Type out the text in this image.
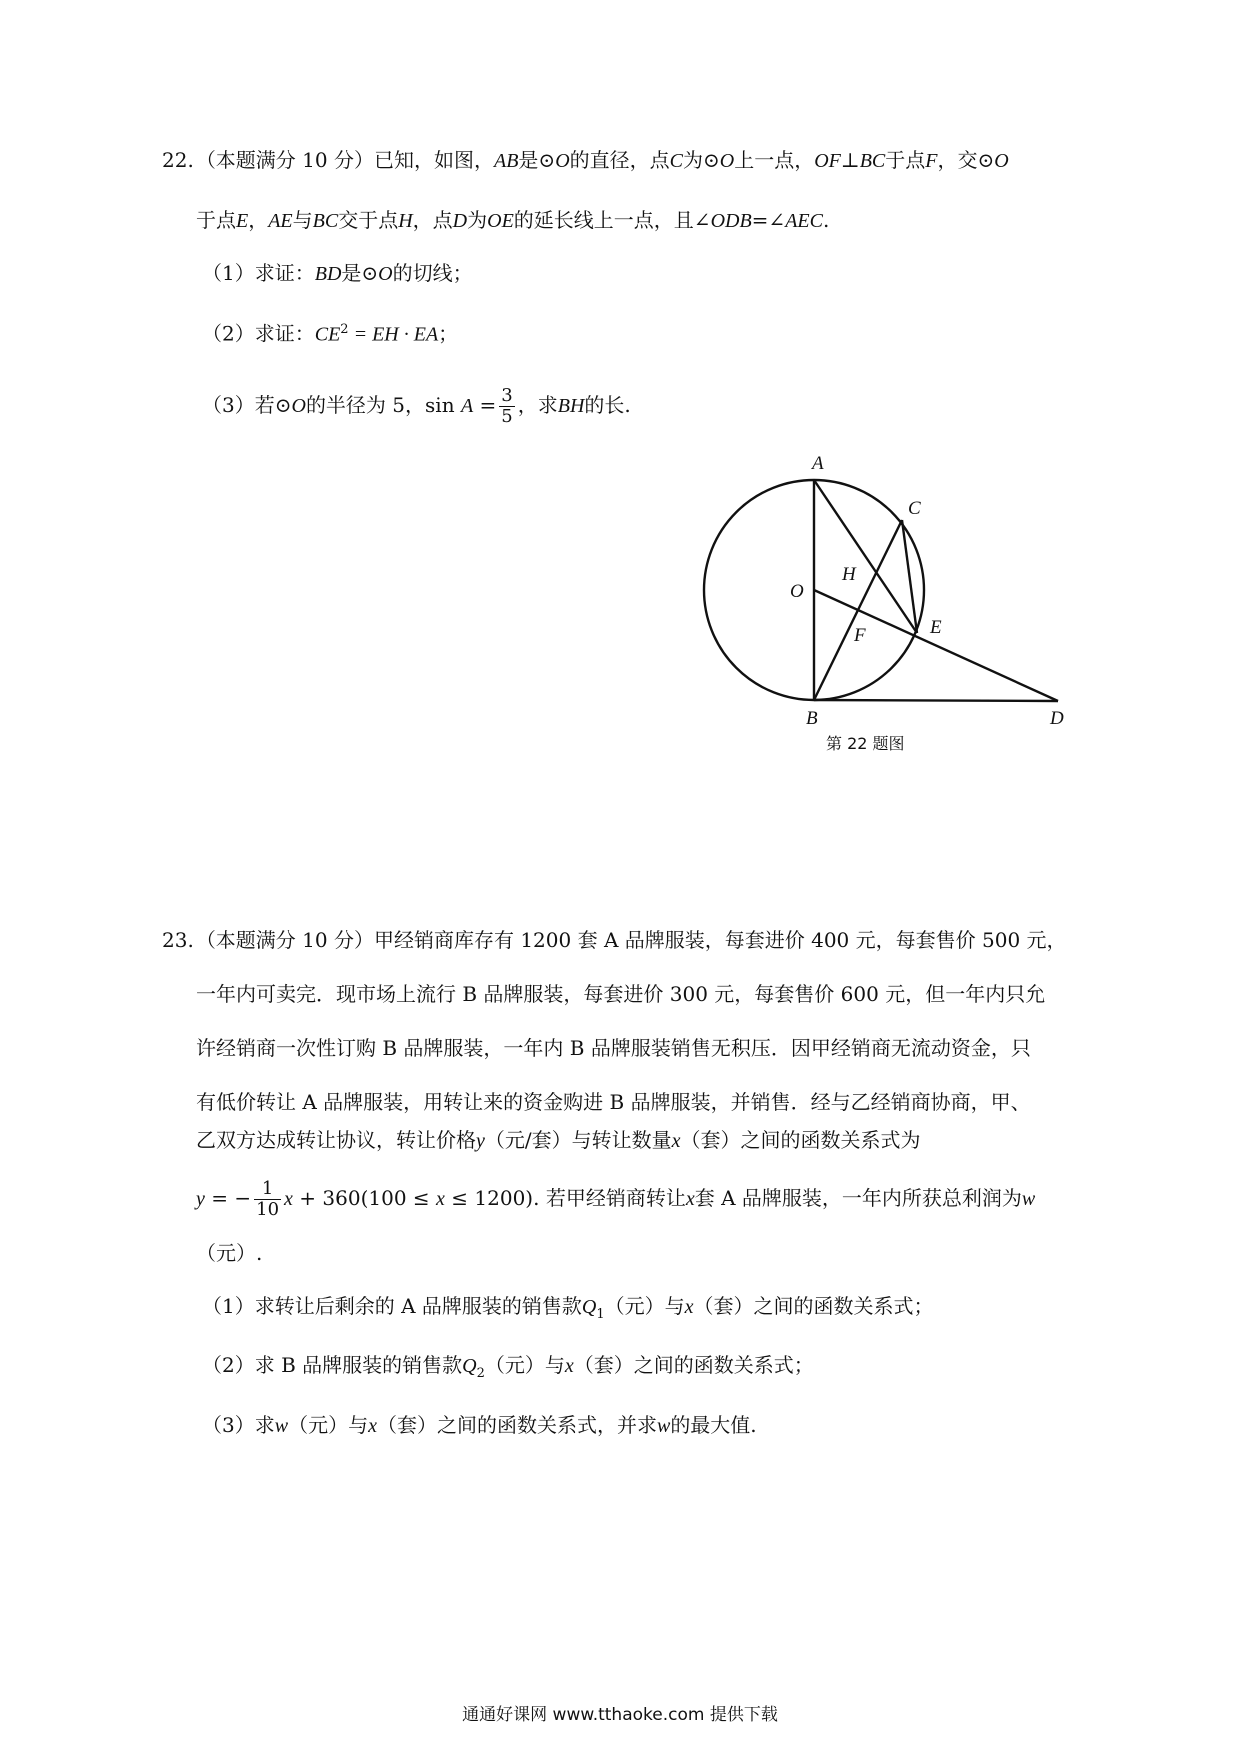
22. （本题满分 10 分）已知，如图，AB是⊙O的直径，点C为⊙O上一点，OF⊥BC于点F，交⊙O
于点E，AE与BC交于点H，点D为OE的延长线上一点，且∠ODB=∠AEC.
（1）求证：BD是⊙O的切线；
（2）求证：$CE^2$ = EH · EA；
（3）若⊙O的半径为 5，$\sin A = \frac{3}{5}$ ，求BH的长.
A
C
H
O
E
F
B	D
第 22 题图
23. （本题满分 10 分）甲经销商库存有 1200 套 A 品牌服装，每套进价 400 元，每套售价 500 元，
一年内可卖完．现市场上流行 B 品牌服装，每套进价 300 元，每套售价 600 元，但一年内只允
许经销商一次性订购 B 品牌服装，一年内 B 品牌服装销售无积压．因甲经销商无流动资金，只
有低价转让 A 品牌服装，用转让来的资金购进 B 品牌服装，并销售．经与乙经销商协商，甲、
乙双方达成转让协议，转让价格y（元/套）与转让数量x（套）之间的函数关系式为
y = − $\frac{1}{10}$ x + 360(100 ≤ x ≤ 1200). 若甲经销商转让x套 A 品牌服装，一年内所获总利润为w
（元）.
（1）求转让后剩余的 A 品牌服装的销售款$Q_1$（元）与x（套）之间的函数关系式；
（2）求 B 品牌服装的销售款$Q_2$（元）与x（套）之间的函数关系式；
（3）求w（元）与x（套）之间的函数关系式，并求w的最大值.
通通好课网 www.tthaoke.com 提供下载
